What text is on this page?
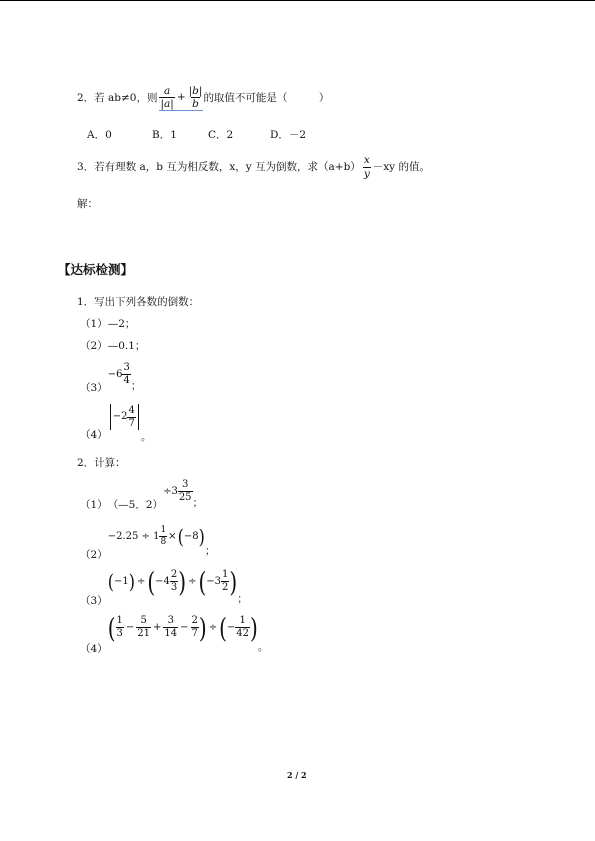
2．若 ab≠0，则 $\frac{a}{|a|} + \frac{|b|}{b}$ 的取值不可能是（　　　）
A．0	B．1	C．2	D．－2
3．若有理数 a，b 互为相反数，x，y 互为倒数，求$(a+b) \frac{x}{y} -xy$ 的值。
解：
【达标检测】
1．写出下列各数的倒数：
（1）—2；
（2）—0.1；
（3）
$-6 \frac{3}{4}$ ；
（4）
$-2 \frac{4}{7}$
。
2．计算：
（1） （—5．2）
$\div 3 \frac{3}{25}$ ；
（2）
$-2.25 \div 1 \frac{1}{8}$ × ( −8 )
；
（3）
( −1 ) ÷ ( $-4 \frac{2}{3}$ ) ÷ ( $-3 \frac{1}{2}$ )
；
（4）
( $\frac{1}{3} - \frac{5}{21} + \frac{3}{14} - \frac{2}{7}$ ) ÷ ( − $\frac{1}{42}$ )
。
2 / 2
